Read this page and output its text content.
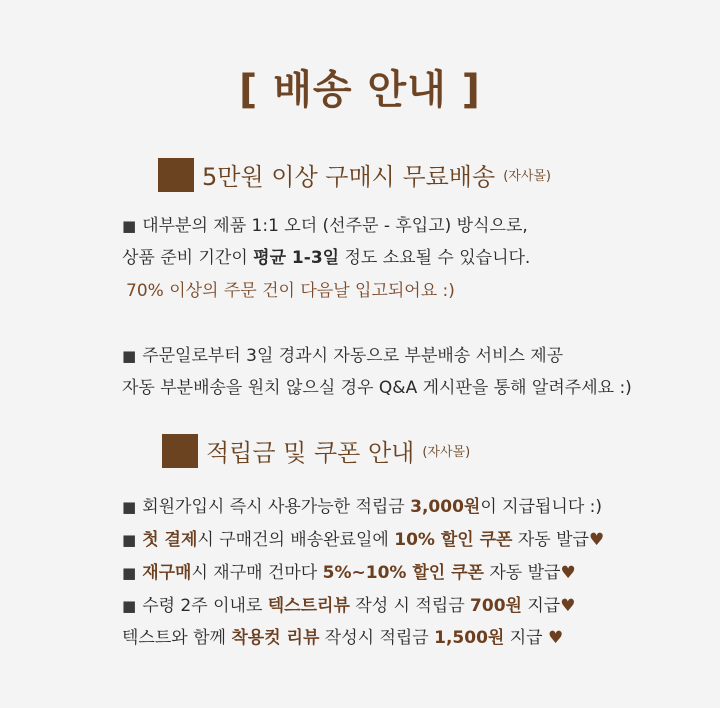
[ 배송 안내 ]
5만원 이상 구매시 무료배송 (자사몰)
■ 대부분의 제품 1:1 오더 (선주문 - 후입고) 방식으로,
상품 준비 기간이 평균 1-3일 정도 소요될 수 있습니다.
70% 이상의 주문 건이 다음날 입고되어요 :)
■ 주문일로부터 3일 경과시 자동으로 부분배송 서비스 제공
자동 부분배송을 원치 않으실 경우 Q&A 게시판을 통해 알려주세요 :)
적립금 및 쿠폰 안내 (자사몰)
■ 회원가입시 즉시 사용가능한 적립금 3,000원이 지급됩니다 :)
■ 첫 결제시 구매건의 배송완료일에 10% 할인 쿠폰 자동 발급♥
■ 재구매시 재구매 건마다 5%~10% 할인 쿠폰 자동 발급♥
■ 수령 2주 이내로 텍스트리뷰 작성 시 적립금 700원 지급♥
텍스트와 함께 착용컷 리뷰 작성시 적립금 1,500원 지급 ♥
